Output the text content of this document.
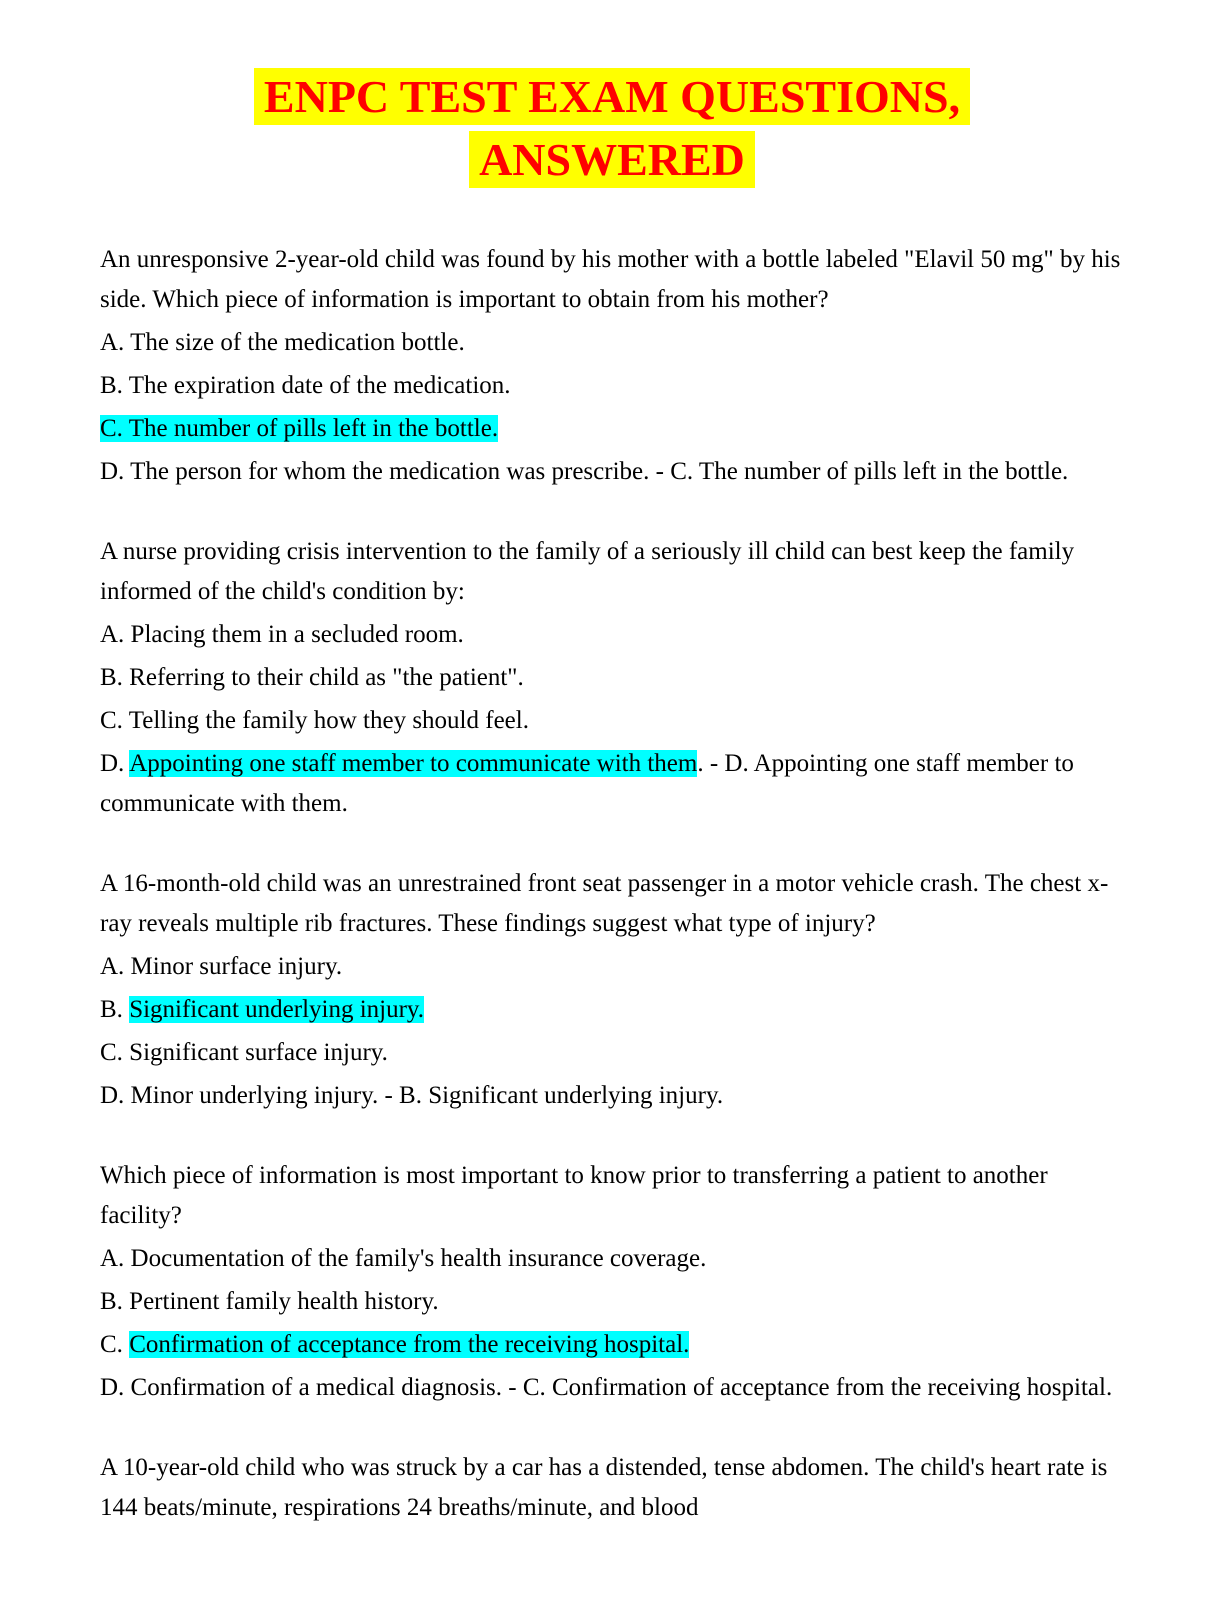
ENPC TEST EXAM QUESTIONS,
ANSWERED

An unresponsive 2-year-old child was found by his mother with a bottle labeled "Elavil 50 mg" by his side. Which piece of information is important to obtain from his mother?

A. The size of the medication bottle.

B. The expiration date of the medication.

C. The number of pills left in the bottle.

D. The person for whom the medication was prescribe. - C. The number of pills left in the bottle.

A nurse providing crisis intervention to the family of a seriously ill child can best keep the family informed of the child's condition by:

A. Placing them in a secluded room.

B. Referring to their child as "the patient".

C. Telling the family how they should feel.

D. Appointing one staff member to communicate with them. - D. Appointing one staff member to communicate with them.

A 16-month-old child was an unrestrained front seat passenger in a motor vehicle crash. The chest x-ray reveals multiple rib fractures. These findings suggest what type of injury?

A. Minor surface injury.

B. Significant underlying injury.

C. Significant surface injury.

D. Minor underlying injury. - B. Significant underlying injury.

Which piece of information is most important to know prior to transferring a patient to another facility?

A. Documentation of the family's health insurance coverage.

B. Pertinent family health history.

C. Confirmation of acceptance from the receiving hospital.

D. Confirmation of a medical diagnosis. - C. Confirmation of acceptance from the receiving hospital.

A 10-year-old child who was struck by a car has a distended, tense abdomen. The child's heart rate is 144 beats/minute, respirations 24 breaths/minute, and blood
